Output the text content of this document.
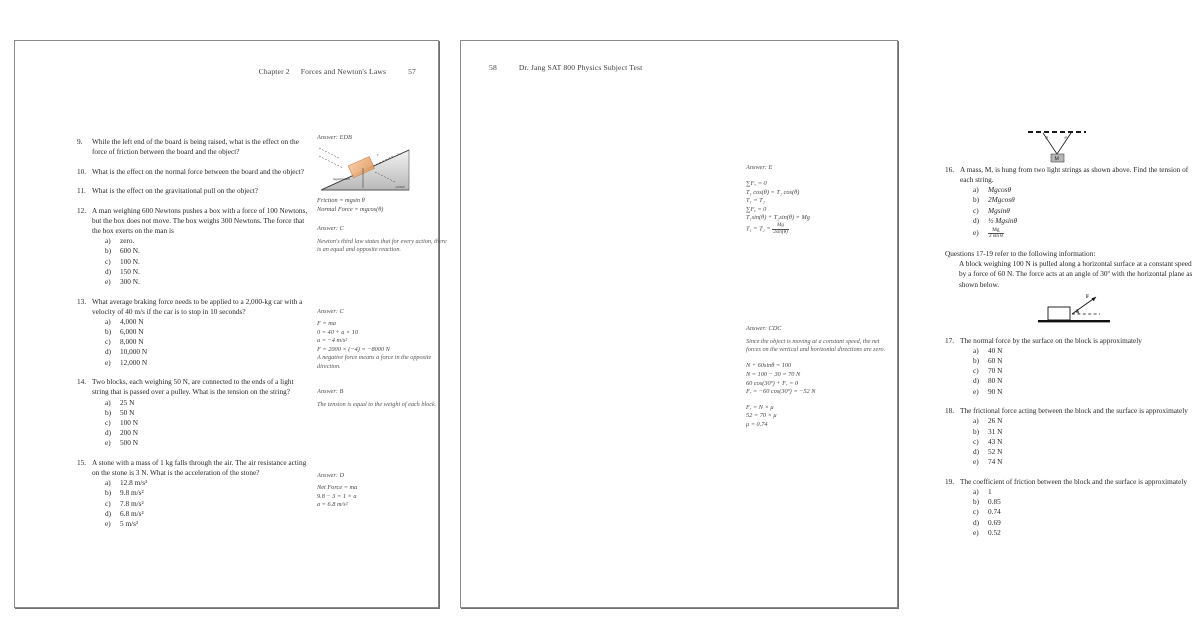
Chapter 2 Forces and Newton's Laws	57
9.	While the left end of the board is being raised, what is the effect on the force of friction between the board and the object?
10. What is the effect on the normal force between the board and the object?
11. What is the effect on the gravitational pull on the object?
12. A man weighing 600 Newtons pushes a box with a force of 100 Newtons, but the box does not move. The box weighs 300 Newtons. The force that the box exerts on the man is
a) zero.
b) 600 N.
c) 100 N.
d) 150 N.
e) 300 N.
13. What average braking force needs to be applied to a 2,000-kg car with a velocity of 40 m/s if the car is to stop in 10 seconds?
a) 4,000 N
b) 6,000 N
c) 8,000 N
d) 10,000 N
e) 12,000 N
14. Two blocks, each weighing 50 N, are connected to the ends of a light string that is passed over a pulley. What is the tension on the string?
a) 25 N
b) 50 N
c) 100 N
d) 200 N
e) 500 N
15. A stone with a mass of 1 kg falls through the air. The air resistance acting on the stone is 3 N. What is the acceleration of the stone?
a) 12.8 m/s²
b) 9.8 m/s²
c) 7.8 m/s²
d) 6.8 m/s²
e) 5 m/s²
Answer: EDB
F	cos
mgsin\u03b8
\u03b8
Friction = mgsin θ
Normal Force = mgcos(θ)
Answer: C
Newton's third law states that for every action, there is an equal and opposite reaction.
Answer: C
F = ma
0 = 40 + a × 10
a = −4 m/s²
F = 2000 × (−4) = −8000 N
A negative force means a force in the opposite direction.
Answer: B
The tension is equal to the weight of each block.
Answer: D
Net Force = ma
9.8 − 3 = 1 × a
a = 6.8 m/s²
58	Dr. Jang SAT 800 Physics Subject Test
M
θ	θ
16. A mass, M, is hung from two light strings as shown above. Find the tension of each string.
a) Mgcosθ
b) 2Mgcosθ
c) Mgsinθ
d) ½ Mgsinθ
$e) \frac{Mg}{\text{2 sin θ}}$
Questions 17-19 refer to the following information:
A block weighing 100 N is pulled along a horizontal surface at a constant speed by a force of 60 N. The force acts at an angle of 30º with the horizontal plane as shown below.
17. The normal force by the surface on the block is approximately
a) 40 N
b) 60 N
c) 70 N
d) 80 N
e) 90 N
18. The frictional force acting between the block and the surface is approximately
a) 26 N
b) 31 N
c) 43 N
d) 52 N
e) 74 N
19. The coefficient of friction between the block and the surface is approximately
a) 1
b) 0.85
c) 0.74
d) 0.69
e) 0.52
F
θ
Answer: E
∑Fₓ = 0
T₁ cos(θ) = T₂ cos(θ)
T₁ = T₂
∑Fᵧ = 0
T₁sin(θ) + T₂sin(θ) = Mg
$T_1 = T_2 = \frac{Mg}{2\sin(\theta)}$
Answer: CDC
Since the object is moving at a constant speed, the net forces on the vertical and horizontal directions are zero.
N + 60sinθ = 100
N = 100 − 30 = 70 N
60 cos(30º) + Fᵣ = 0
Fᵣ = −60 cos(30º) = −52 N
Fᵣ = N × μ
52 = 70 × μ
μ = 0.74
